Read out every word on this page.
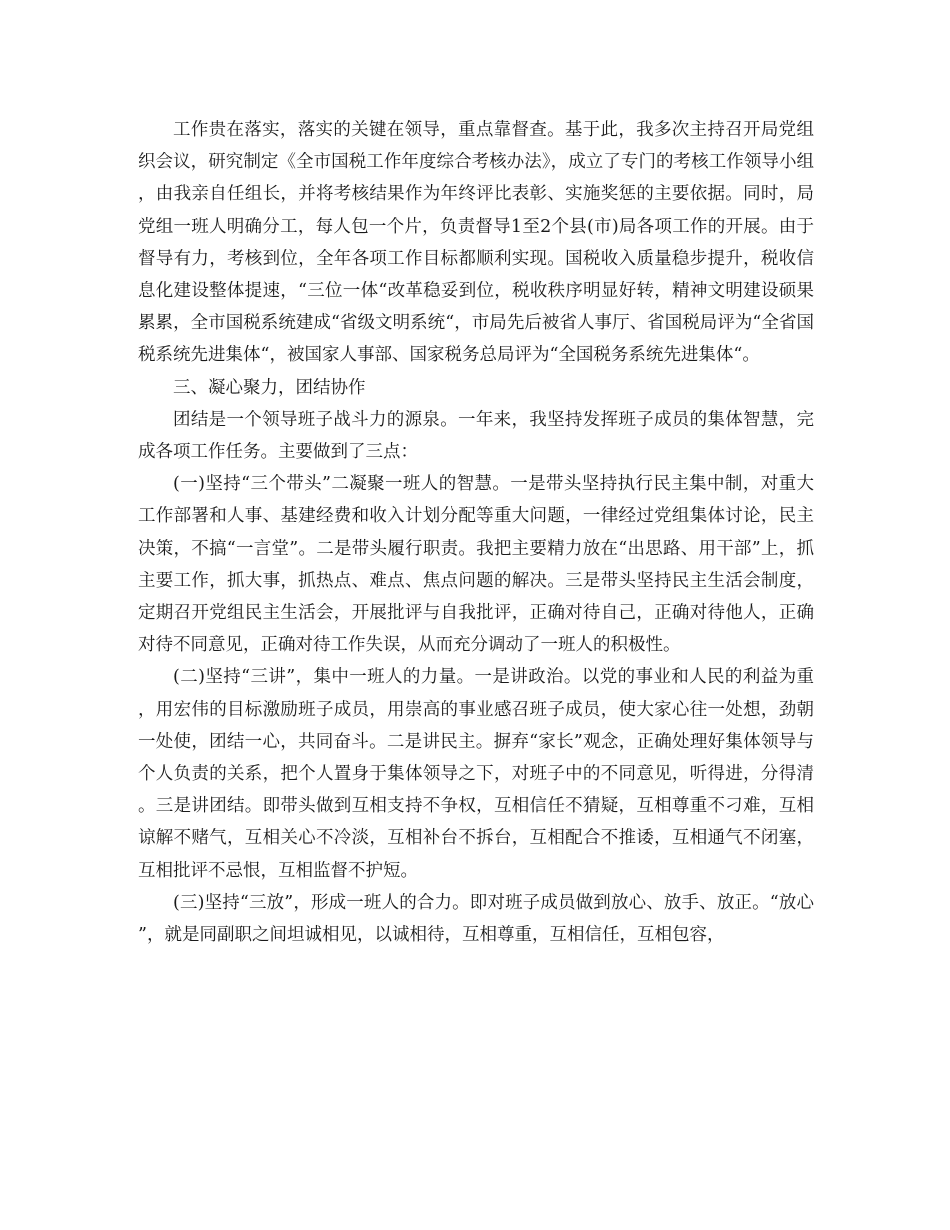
工作贵在落实，落实的关键在领导，重点靠督查。基于此，我多次主持召开局党组织会议，研究制定《全市国税工作年度综合考核办法》，成立了专门的考核工作领导小组，由我亲自任组长，并将考核结果作为年终评比表彰、实施奖惩的主要依据。同时，局党组一班人明确分工，每人包一个片，负责督导1至2个县(市)局各项工作的开展。由于督导有力，考核到位，全年各项工作目标都顺利实现。国税收入质量稳步提升，税收信息化建设整体提速，“三位一体“改革稳妥到位，税收秩序明显好转，精神文明建设硕果累累，全市国税系统建成“省级文明系统“，市局先后被省人事厅、省国税局评为“全省国税系统先进集体“，被国家人事部、国家税务总局评为“全国税务系统先进集体“。

三、凝心聚力，团结协作

团结是一个领导班子战斗力的源泉。一年来，我坚持发挥班子成员的集体智慧，完成各项工作任务。主要做到了三点：

(一)坚持“三个带头”二凝聚一班人的智慧。一是带头坚持执行民主集中制，对重大工作部署和人事、基建经费和收入计划分配等重大问题，一律经过党组集体讨论，民主决策，不搞“一言堂”。二是带头履行职责。我把主要精力放在“出思路、用干部”上，抓主要工作，抓大事，抓热点、难点、焦点问题的解决。三是带头坚持民主生活会制度，定期召开党组民主生活会，开展批评与自我批评，正确对待自己，正确对待他人，正确对待不同意见，正确对待工作失误，从而充分调动了一班人的积极性。

(二)坚持“三讲”，集中一班人的力量。一是讲政治。以党的事业和人民的利益为重，用宏伟的目标激励班子成员，用崇高的事业感召班子成员，使大家心往一处想，劲朝一处使，团结一心，共同奋斗。二是讲民主。摒弃“家长”观念，正确处理好集体领导与个人负责的关系，把个人置身于集体领导之下，对班子中的不同意见，听得进，分得清。三是讲团结。即带头做到互相支持不争权，互相信任不猜疑，互相尊重不刁难，互相谅解不赌气，互相关心不冷淡，互相补台不拆台，互相配合不推诿，互相通气不闭塞，互相批评不忌恨，互相监督不护短。

(三)坚持“三放”，形成一班人的合力。即对班子成员做到放心、放手、放正。“放心”，就是同副职之间坦诚相见，以诚相待，互相尊重，互相信任，互相包容，
